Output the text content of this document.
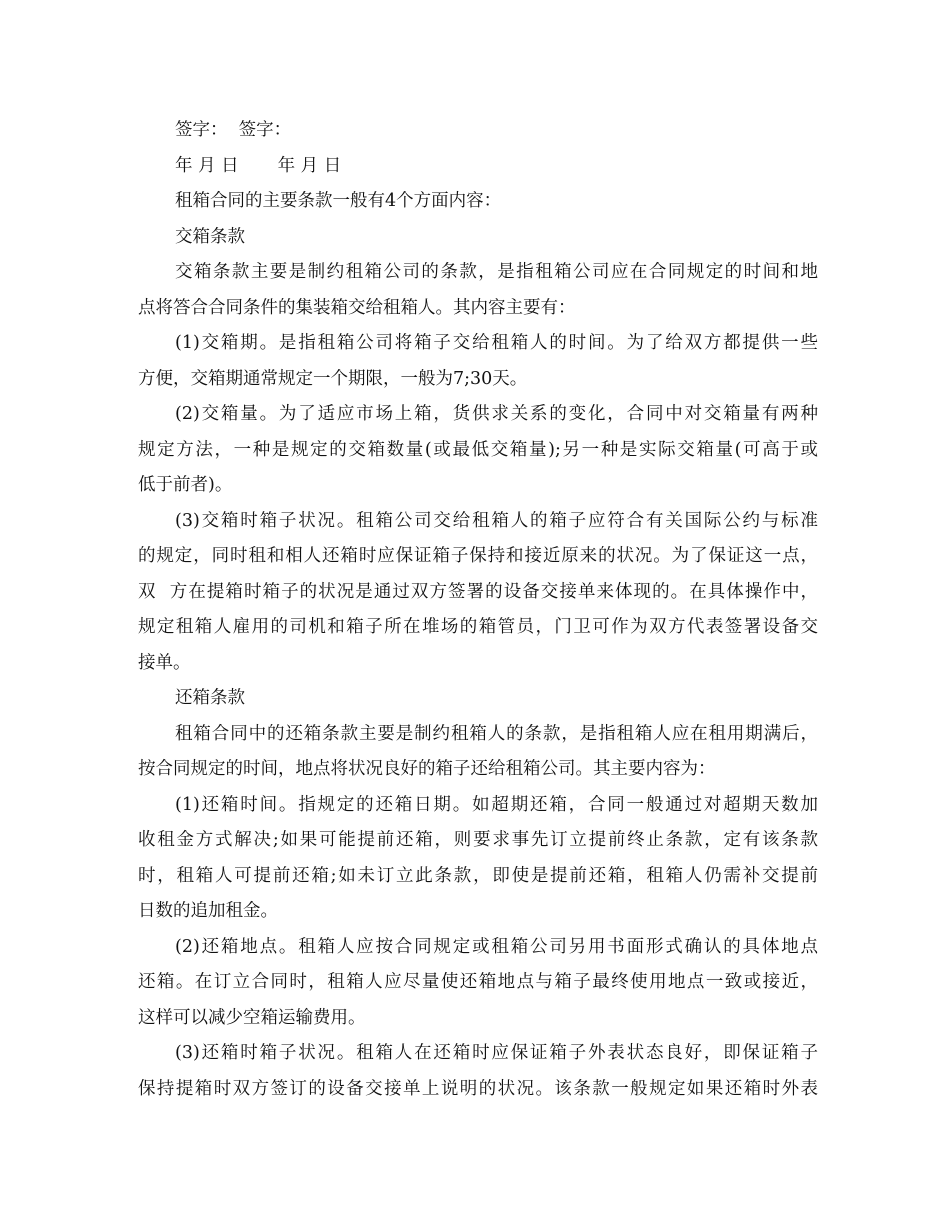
签字：  签字：
年 月 日       年 月 日
租箱合同的主要条款一般有4个方面内容：
交箱条款
交箱条款主要是制约租箱公司的条款，是指租箱公司应在合同规定的时间和地
点将答合合同条件的集装箱交给租箱人。其内容主要有：
(1)交箱期。是指租箱公司将箱子交给租箱人的时间。为了给双方都提供一些
方便，交箱期通常规定一个期限，一般为7;30天。
(2)交箱量。为了适应市场上箱，货供求关系的变化，合同中对交箱量有两种
规定方法，一种是规定的交箱数量(或最低交箱量);另一种是实际交箱量(可高于或
低于前者)。
(3)交箱时箱子状况。租箱公司交给租箱人的箱子应符合有关国际公约与标准
的规定，同时租和相人还箱时应保证箱子保持和接近原来的状况。为了保证这一点，
双  方在提箱时箱子的状况是通过双方签署的设备交接单来体现的。在具体操作中，
规定租箱人雇用的司机和箱子所在堆场的箱管员，门卫可作为双方代表签署设备交
接单。
还箱条款
租箱合同中的还箱条款主要是制约租箱人的条款，是指租箱人应在租用期满后，
按合同规定的时间，地点将状况良好的箱子还给租箱公司。其主要内容为：
(1)还箱时间。指规定的还箱日期。如超期还箱，合同一般通过对超期天数加
收租金方式解决;如果可能提前还箱，则要求事先订立提前终止条款，定有该条款
时，租箱人可提前还箱;如未订立此条款，即使是提前还箱，租箱人仍需补交提前
日数的追加租金。
(2)还箱地点。租箱人应按合同规定或租箱公司另用书面形式确认的具体地点
还箱。在订立合同时，租箱人应尽量使还箱地点与箱子最终使用地点一致或接近，
这样可以减少空箱运输费用。
(3)还箱时箱子状况。租箱人在还箱时应保证箱子外表状态良好，即保证箱子
保持提箱时双方签订的设备交接单上说明的状况。该条款一般规定如果还箱时外表
